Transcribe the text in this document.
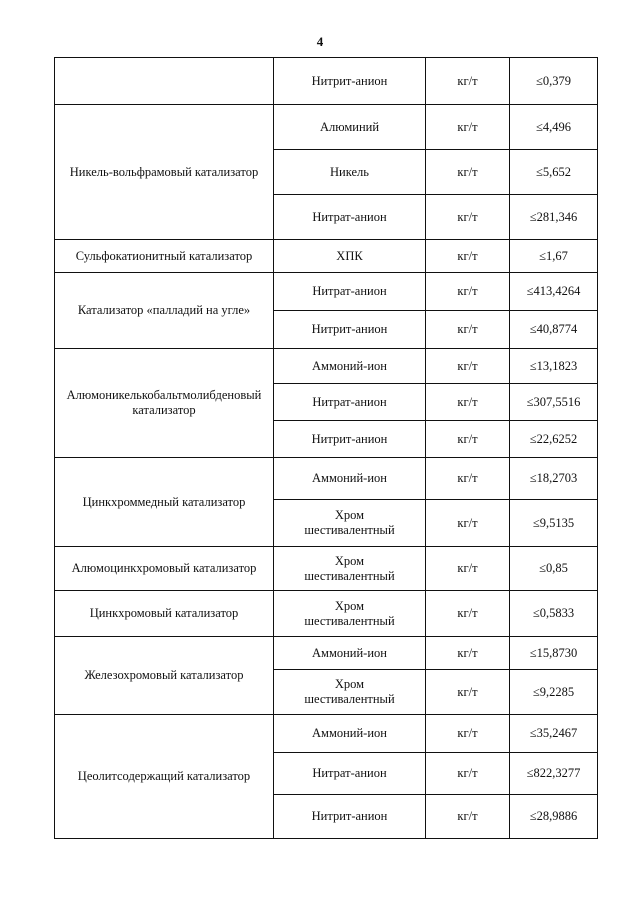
4
	Нитрит-анион	кг/т	≤0,379
Никель-вольфрамовый катализатор	Алюминий	кг/т	≤4,496
	Никель	кг/т	≤5,652
	Нитрат-анион	кг/т	≤281,346
Сульфокатионитный катализатор	ХПК	кг/т	≤1,67
Катализатор «палладий на угле»	Нитрат-анион	кг/т	≤413,4264
	Нитрит-анион	кг/т	≤40,8774
Алюмоникелькобальтмолибденовый катализатор	Аммоний-ион	кг/т	≤13,1823
	Нитрат-анион	кг/т	≤307,5516
	Нитрит-анион	кг/т	≤22,6252
Цинкхроммедный катализатор	Аммоний-ион	кг/т	≤18,2703
	Хром шестивалентный	кг/т	≤9,5135
Алюмоцинкхромовый катализатор	Хром шестивалентный	кг/т	≤0,85
Цинкхромовый катализатор	Хром шестивалентный	кг/т	≤0,5833
Железохромовый катализатор	Аммоний-ион	кг/т	≤15,8730
	Хром шестивалентный	кг/т	≤9,2285
Цеолитсодержащий катализатор	Аммоний-ион	кг/т	≤35,2467
	Нитрат-анион	кг/т	≤822,3277
	Нитрит-анион	кг/т	≤28,9886
